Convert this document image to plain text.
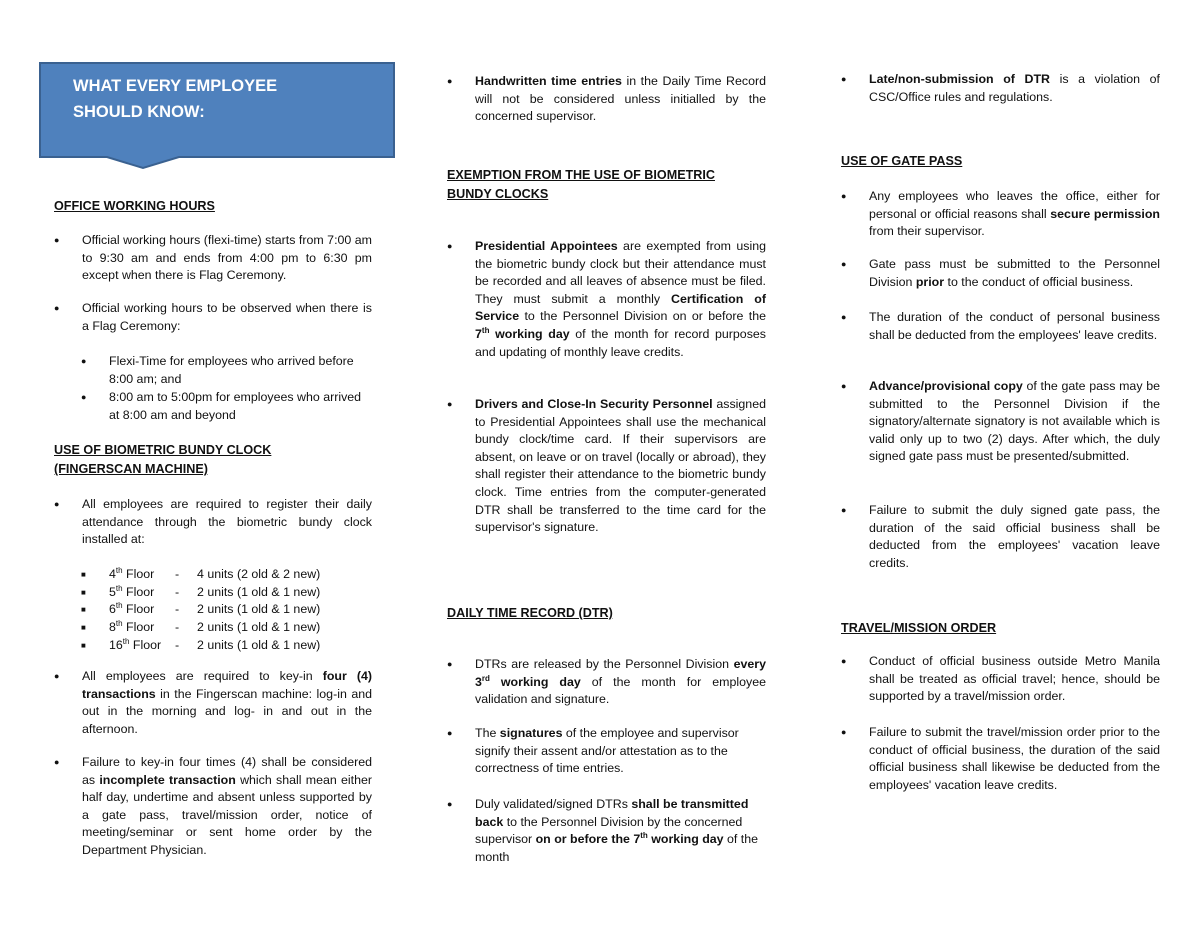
WHAT EVERY EMPLOYEE
SHOULD KNOW:
OFFICE WORKING HOURS
●	Official working hours (flexi-time) starts from 7:00 am to 9:30 am and ends from 4:00 pm to 6:30 pm except when there is Flag Ceremony.
●	Official working hours to be observed when there is a Flag Ceremony:
●	Flexi-Time for employees who arrived before 8:00 am; and
●	8:00 am to 5:00pm for employees who arrived at 8:00 am and beyond
USE OF BIOMETRIC BUNDY CLOCK
(FINGERSCAN MACHINE)
●	All employees are required to register their daily attendance through the biometric bundy clock installed at:
■ 4th Floor - 4 units (2 old & 2 new)
■ 5th Floor - 2 units (1 old & 1 new)
■ 6th Floor - 2 units (1 old & 1 new)
■ 8th Floor - 2 units (1 old & 1 new)
■ 16th Floor - 2 units (1 old & 1 new)
●	All employees are required to key-in four (4) transactions in the Fingerscan machine: log-in and out in the morning and log- in and out in the afternoon.
●	Failure to key-in four times (4) shall be considered as incomplete transaction which shall mean either half day, undertime and absent unless supported by a gate pass, travel/mission order, notice of meeting/seminar or sent home order by the Department Physician.
●	Handwritten time entries in the Daily Time Record will not be considered unless initialled by the concerned supervisor.
EXEMPTION FROM THE USE OF BIOMETRIC
BUNDY CLOCKS
●	Presidential Appointees are exempted from using the biometric bundy clock but their attendance must be recorded and all leaves of absence must be filed. They must submit a monthly Certification of Service to the Personnel Division on or before the 7th working day of the month for record purposes and updating of monthly leave credits.
●	Drivers and Close-In Security Personnel assigned to Presidential Appointees shall use the mechanical bundy clock/time card. If their supervisors are absent, on leave or on travel (locally or abroad), they shall register their attendance to the biometric bundy clock. Time entries from the computer-generated DTR shall be transferred to the time card for the supervisor's signature.
DAILY TIME RECORD (DTR)
●	DTRs are released by the Personnel Division every 3rd working day of the month for employee validation and signature.
●	The signatures of the employee and supervisor signify their assent and/or attestation as to the correctness of time entries.
●	Duly validated/signed DTRs shall be transmitted back to the Personnel Division by the concerned supervisor on or before the 7th working day of the month
●	Late/non-submission of DTR is a violation of CSC/Office rules and regulations.
USE OF GATE PASS
●	Any employees who leaves the office, either for personal or official reasons shall secure permission from their supervisor.
●	Gate pass must be submitted to the Personnel Division prior to the conduct of official business.
●	The duration of the conduct of personal business shall be deducted from the employees' leave credits.
●	Advance/provisional copy of the gate pass may be submitted to the Personnel Division if the signatory/alternate signatory is not available which is valid only up to two (2) days. After which, the duly signed gate pass must be presented/submitted.
●	Failure to submit the duly signed gate pass, the duration of the said official business shall be deducted from the employees' vacation leave credits.
TRAVEL/MISSION ORDER
●	Conduct of official business outside Metro Manila shall be treated as official travel; hence, should be supported by a travel/mission order.
●	Failure to submit the travel/mission order prior to the conduct of official business, the duration of the said official business shall likewise be deducted from the employees' vacation leave credits.
